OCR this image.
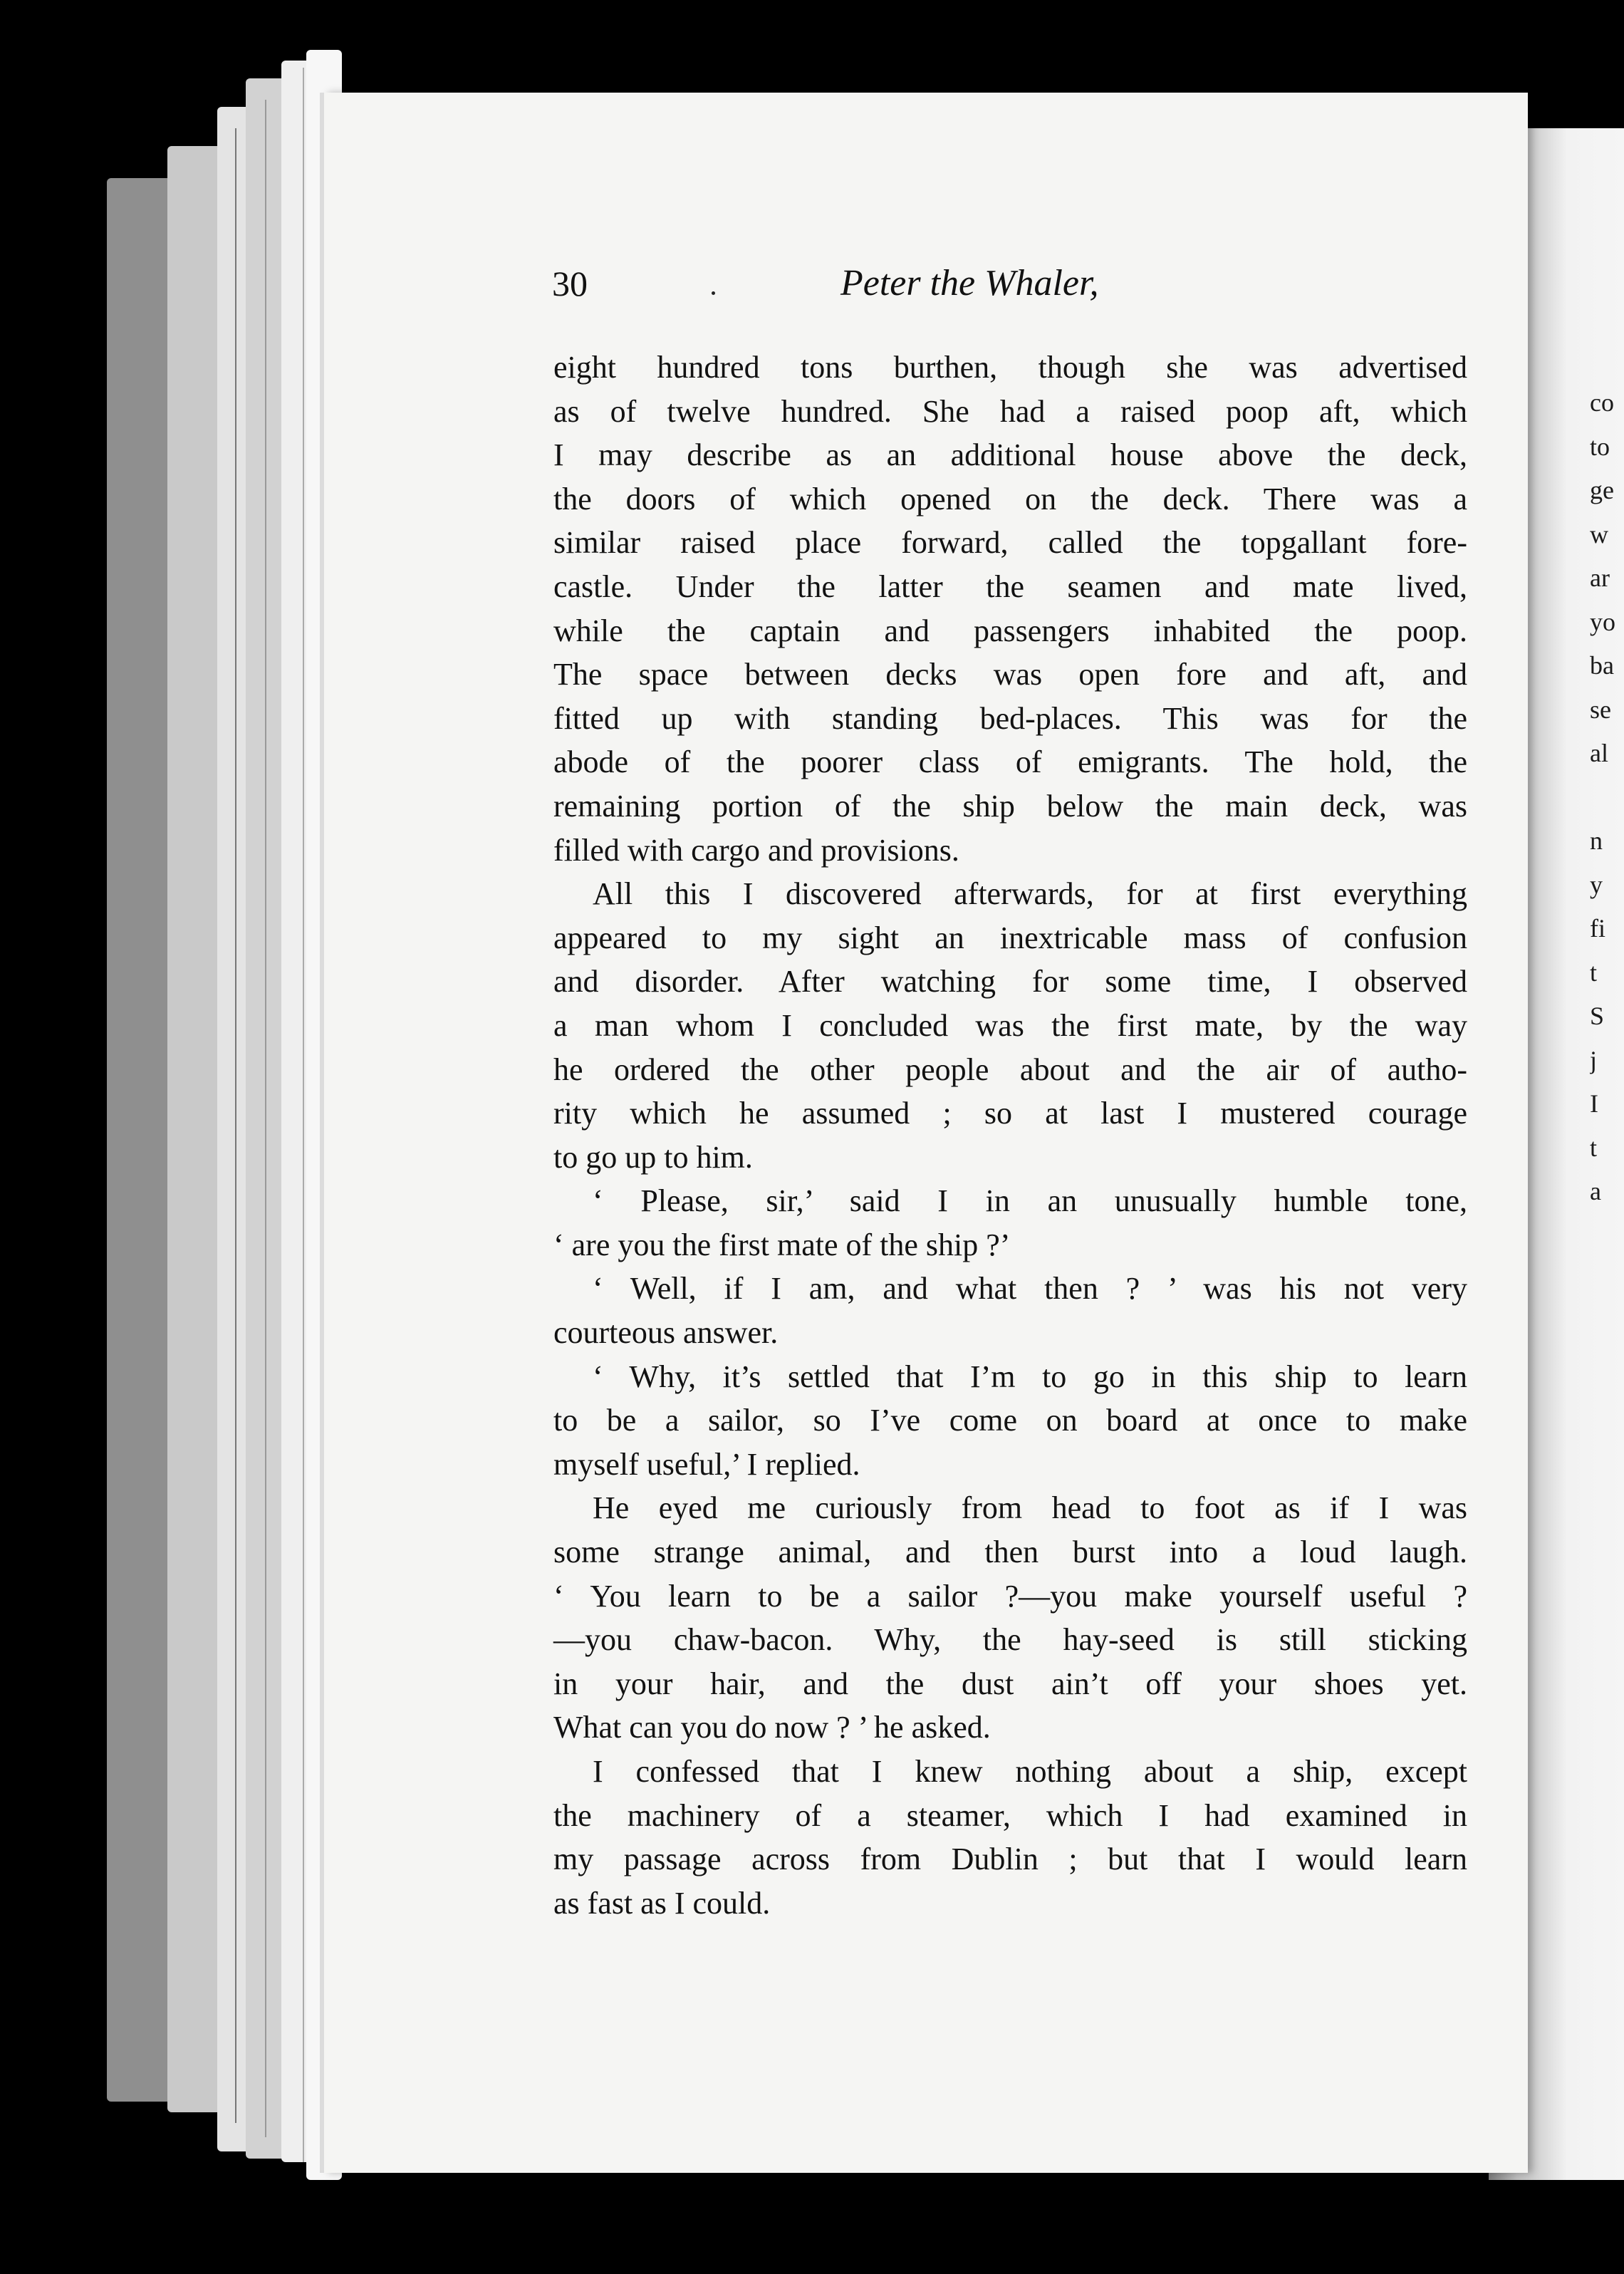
co
to
ge
w
ar
yo
ba
se
al
n
y
fi
t
S
j
I
t
a
30	Peter the Whaler,
eight hundred tons burthen, though she was advertised
as of twelve hundred. She had a raised poop aft, which
I may describe as an additional house above the deck,
the doors of which opened on the deck. There was a
similar raised place forward, called the topgallant fore-
castle. Under the latter the seamen and mate lived,
while the captain and passengers inhabited the poop.
The space between decks was open fore and aft, and
fitted up with standing bed-places. This was for the
abode of the poorer class of emigrants. The hold, the
remaining portion of the ship below the main deck, was
filled with cargo and provisions.
All this I discovered afterwards, for at first everything
appeared to my sight an inextricable mass of confusion
and disorder. After watching for some time, I observed
a man whom I concluded was the first mate, by the way
he ordered the other people about and the air of autho-
rity which he assumed ; so at last I mustered courage
to go up to him.
‘ Please, sir,’ said I in an unusually humble tone,
‘ are you the first mate of the ship ?’
‘ Well, if I am, and what then ? ’ was his not very
courteous answer.
‘ Why, it’s settled that I’m to go in this ship to learn
to be a sailor, so I’ve come on board at once to make
myself useful,’ I replied.
He eyed me curiously from head to foot as if I was
some strange animal, and then burst into a loud laugh.
‘ You learn to be a sailor ?—you make yourself useful ?
—you chaw-bacon. Why, the hay-seed is still sticking
in your hair, and the dust ain’t off your shoes yet.
What can you do now ? ’ he asked.
I confessed that I knew nothing about a ship, except
the machinery of a steamer, which I had examined in
my passage across from Dublin ; but that I would learn
as fast as I could.
